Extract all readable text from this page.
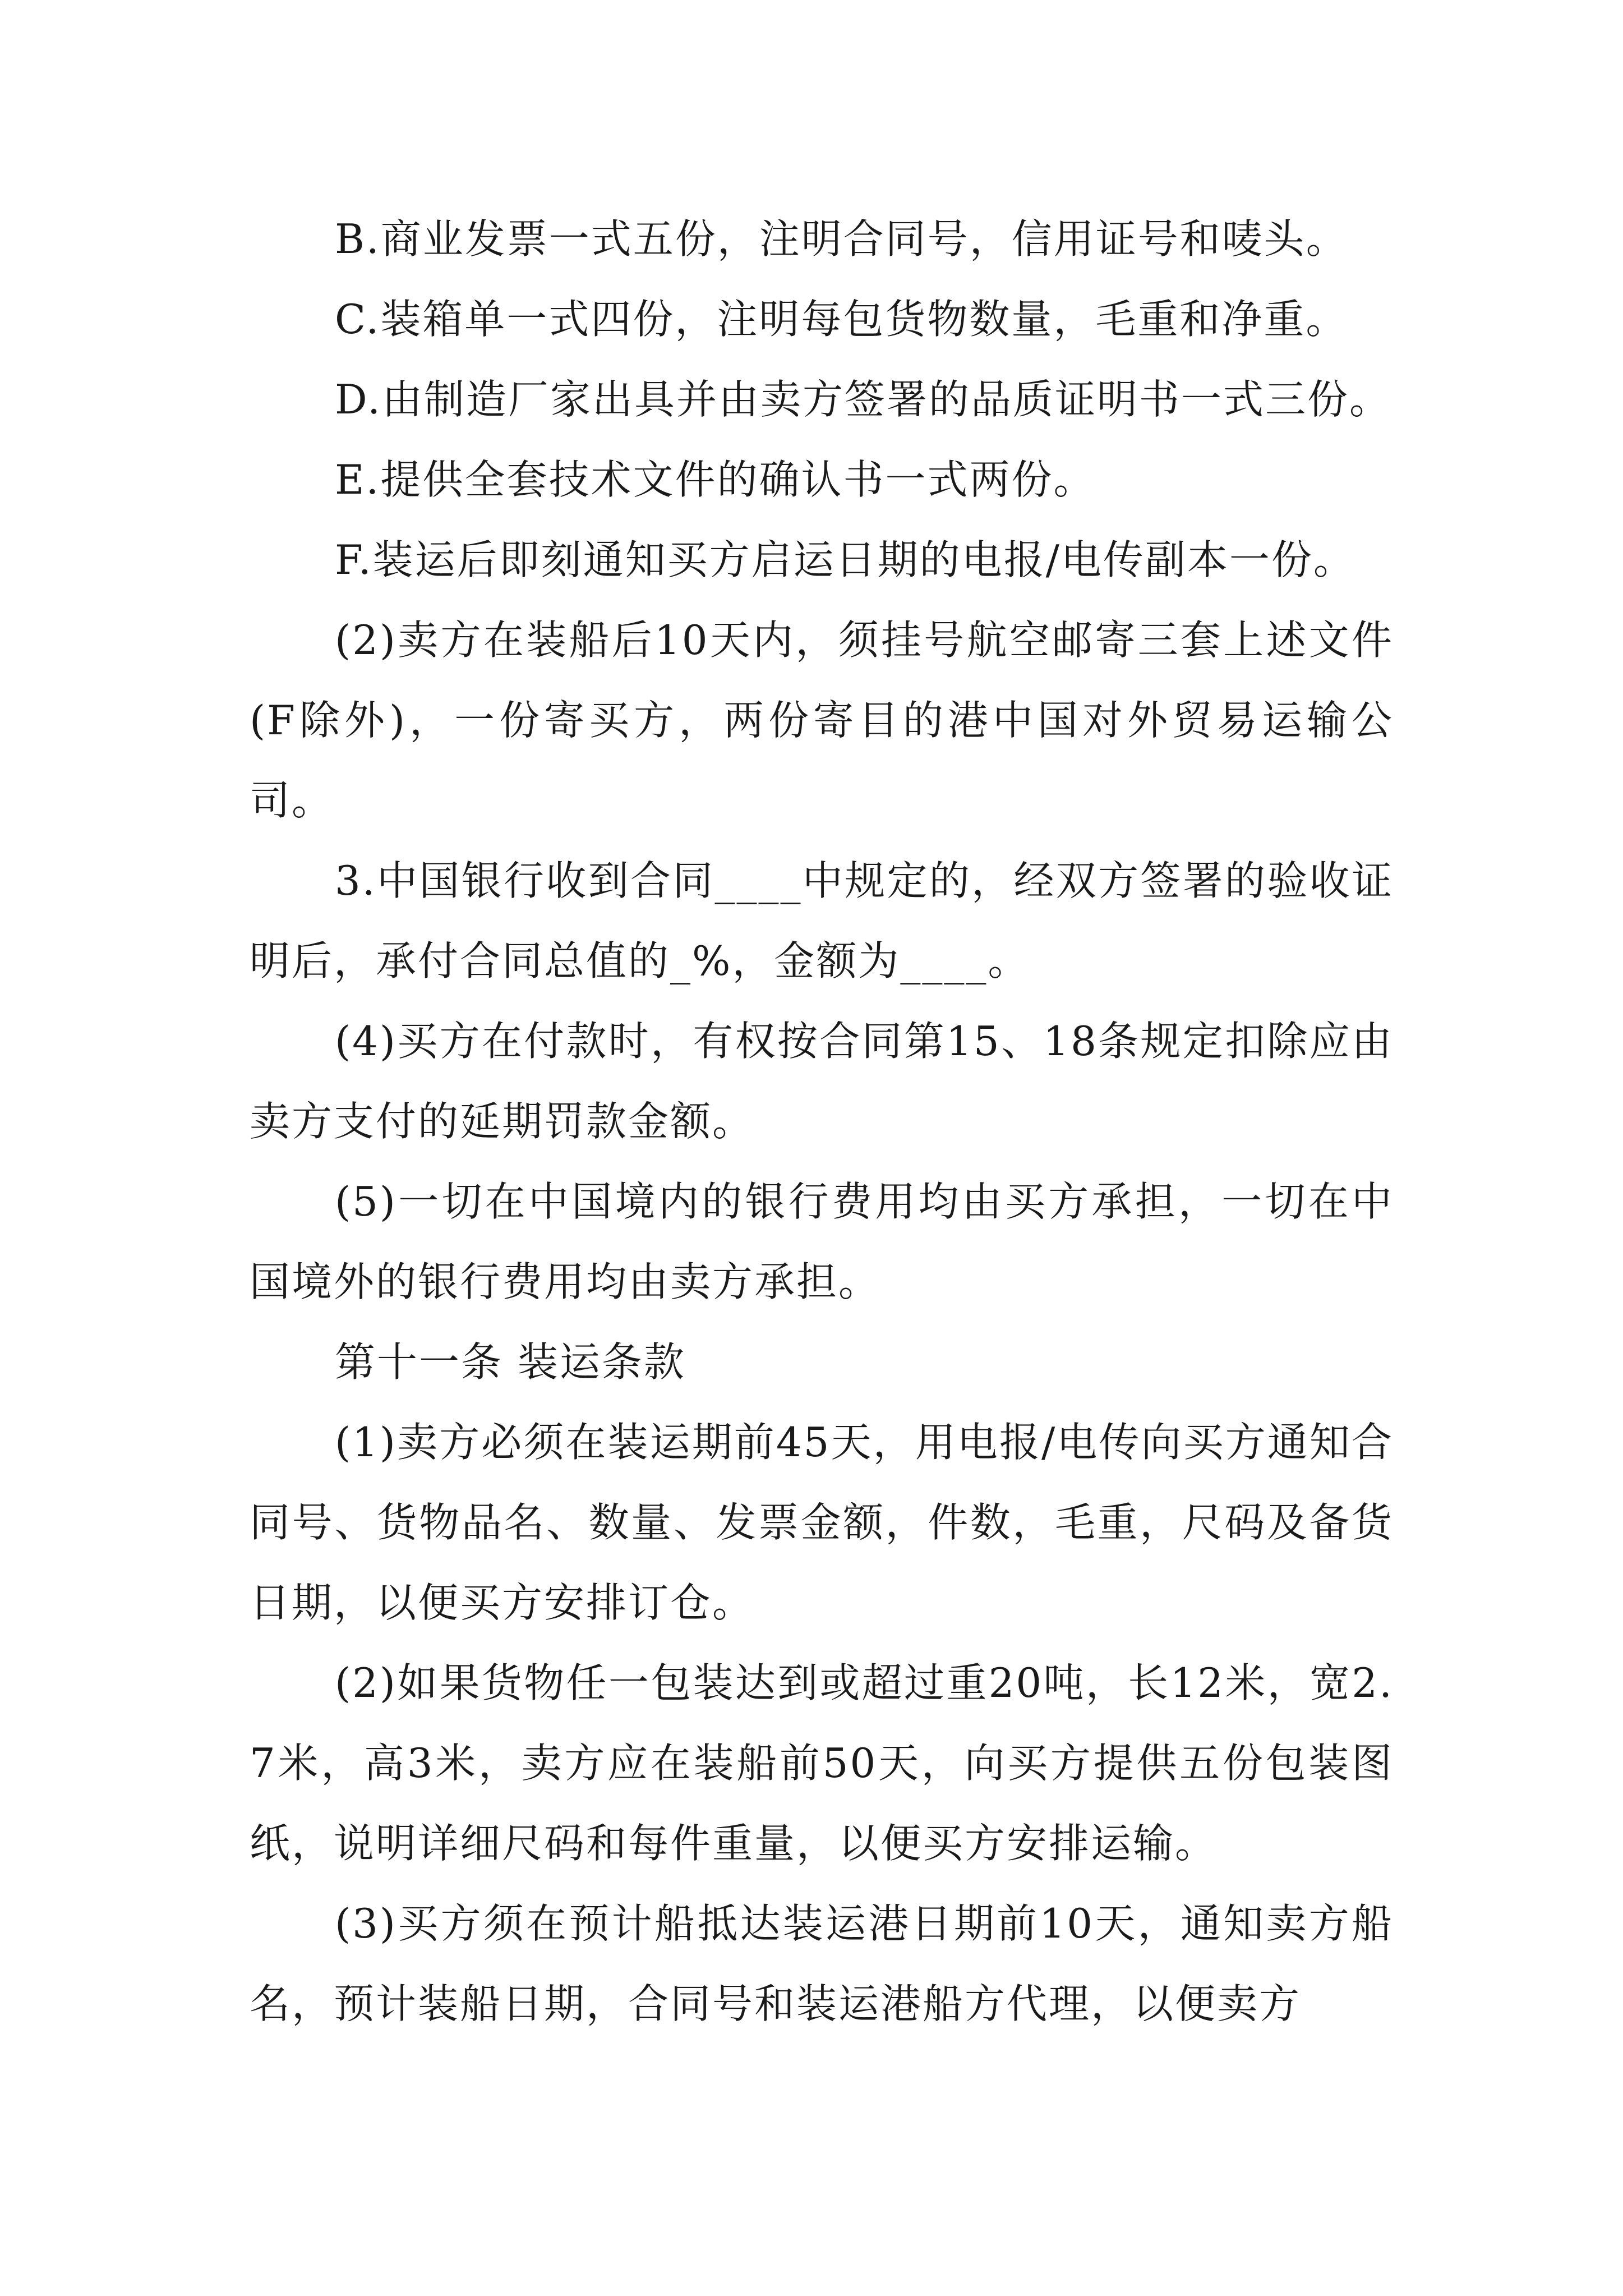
B.商业发票一式五份，注明合同号，信用证号和唛头。

C.装箱单一式四份，注明每包货物数量，毛重和净重。

D.由制造厂家出具并由卖方签署的品质证明书一式三份。

E.提供全套技术文件的确认书一式两份。

F.装运后即刻通知买方启运日期的电报/电传副本一份。

(2)卖方在装船后10天内，须挂号航空邮寄三套上述文件(F除外)，一份寄买方，两份寄目的港中国对外贸易运输公司。

3.中国银行收到合同____中规定的，经双方签署的验收证明后，承付合同总值的_%，金额为____。

(4)买方在付款时，有权按合同第15、18条规定扣除应由卖方支付的延期罚款金额。

(5)一切在中国境内的银行费用均由买方承担，一切在中国境外的银行费用均由卖方承担。

第十一条 装运条款

(1)卖方必须在装运期前45天，用电报/电传向买方通知合同号、货物品名、数量、发票金额，件数，毛重，尺码及备货日期，以便买方安排订仓。

(2)如果货物任一包装达到或超过重20吨，长12米，宽2.7米，高3米，卖方应在装船前50天，向买方提供五份包装图纸，说明详细尺码和每件重量，以便买方安排运输。

(3)买方须在预计船抵达装运港日期前10天，通知卖方船名，预计装船日期，合同号和装运港船方代理，以便卖方
